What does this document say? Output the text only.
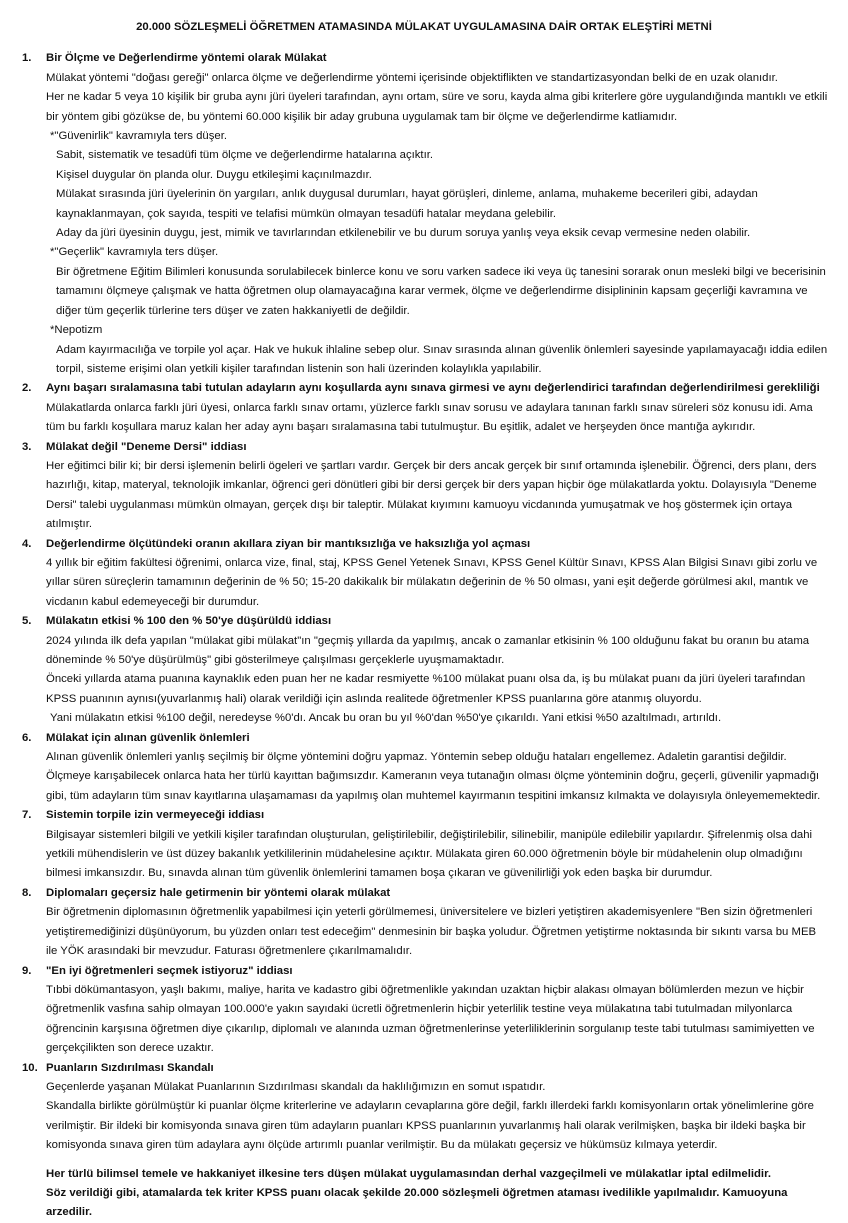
20.000 SÖZLEŞMELİ ÖĞRETMEN ATAMASINDA MÜLAKAT UYGULAMASINA DAİR ORTAK ELEŞTİRİ METNİ
1. Bir Ölçme ve Değerlendirme yöntemi olarak Mülakat

Mülakat yöntemi "doğası gereği" onlarca ölçme ve değerlendirme yöntemi içerisinde objektiflikten ve standartizasyondan belki de en uzak olanıdır.

Her ne kadar 5 veya 10 kişilik bir gruba aynı jüri üyeleri tarafından, aynı ortam, süre ve soru, kayda alma gibi kriterlere göre uygulandığında mantıklı ve etkili bir yöntem gibi gözükse de, bu yöntemi 60.000 kişilik bir aday grubuna uygulamak tam bir ölçme ve değerlendirme katliamıdır.

*"Güvenirlik" kavramıyla ters düşer.

Sabit, sistematik ve tesadüfi tüm ölçme ve değerlendirme hatalarına açıktır.

Kişisel duygular ön planda olur. Duygu etkileşimi kaçınılmazdır.

Mülakat sırasında jüri üyelerinin ön yargıları, anlık duygusal durumları, hayat görüşleri, dinleme, anlama, muhakeme becerileri gibi, adaydan kaynaklanmayan, çok sayıda, tespiti ve telafisi mümkün olmayan tesadüfi hatalar meydana gelebilir.

Aday da jüri üyesinin duygu, jest, mimik ve tavırlarından etkilenebilir ve bu durum soruya yanlış veya eksik cevap vermesine neden olabilir.

*"Geçerlik" kavramıyla ters düşer.

Bir öğretmene Eğitim Bilimleri konusunda sorulabilecek binlerce konu ve soru varken sadece iki veya üç tanesini sorarak onun mesleki bilgi ve becerisinin tamamını ölçmeye çalışmak ve hatta öğretmen olup olamayacağına karar vermek, ölçme ve değerlendirme disiplininin kapsam geçerliği kavramına ve diğer tüm geçerlik türlerine ters düşer ve zaten hakkaniyetli de değildir.

*Nepotizm

Adam kayırmacılığa ve torpile yol açar. Hak ve hukuk ihlaline sebep olur. Sınav sırasında alınan güvenlik önlemleri sayesinde yapılamayacağı iddia edilen torpil, sisteme erişimi olan yetkili kişiler tarafından listenin son hali üzerinden kolaylıkla yapılabilir.

2. Aynı başarı sıralamasına tabi tutulan adayların aynı koşullarda aynı sınava girmesi ve aynı değerlendirici tarafından değerlendirilmesi gerekliliği

Mülakatlarda onlarca farklı jüri üyesi, onlarca farklı sınav ortamı, yüzlerce farklı sınav sorusu ve adaylara tanınan farklı sınav süreleri söz konusu idi. Ama tüm bu farklı koşullara maruz kalan her aday aynı başarı sıralamasına tabi tutulmuştur. Bu eşitlik, adalet ve herşeyden önce mantığa aykırıdır.

3. Mülakat değil "Deneme Dersi" iddiası

Her eğitimci bilir ki; bir dersi işlemenin belirli ögeleri ve şartları vardır. Gerçek bir ders ancak gerçek bir sınıf ortamında işlenebilir. Öğrenci, ders planı, ders hazırlığı, kitap, materyal, teknolojik imkanlar, öğrenci geri dönütleri gibi bir dersi gerçek bir ders yapan hiçbir öge mülakatlarda yoktu. Dolayısıyla "Deneme Dersi" talebi uygulanması mümkün olmayan, gerçek dışı bir taleptir. Mülakat kıyımını kamuoyu vicdanında yumuşatmak ve hoş göstermek için ortaya atılmıştır.

4. Değerlendirme ölçütündeki oranın akıllara ziyan bir mantıksızlığa ve haksızlığa yol açması

4 yıllık bir eğitim fakültesi öğrenimi, onlarca vize, final, staj, KPSS Genel Yetenek Sınavı, KPSS Genel Kültür Sınavı, KPSS Alan Bilgisi Sınavı gibi zorlu ve yıllar süren süreçlerin tamamının değerinin de % 50; 15-20 dakikalık bir mülakatın değerinin de % 50 olması, yani eşit değerde görülmesi akıl, mantık ve vicdanın kabul edemeyeceği bir durumdur.

5. Mülakatın etkisi % 100 den % 50'ye düşürüldü iddiası

2024 yılında ilk defa yapılan "mülakat gibi mülakat"ın "geçmiş yıllarda da yapılmış, ancak o zamanlar etkisinin % 100 olduğunu fakat bu oranın bu atama döneminde % 50'ye düşürülmüş" gibi gösterilmeye çalışılması gerçeklerle uyuşmamaktadır.

Önceki yıllarda atama puanına kaynaklık eden puan her ne kadar resmiyette %100 mülakat puanı olsa da, iş bu mülakat puanı da jüri üyeleri tarafından KPSS puanının aynısı(yuvarlanmış hali) olarak verildiği için aslında realitede öğretmenler KPSS puanlarına göre atanmış oluyordu.

Yani mülakatın etkisi %100 değil, neredeyse %0'dı. Ancak bu oran bu yıl %0'dan %50'ye çıkarıldı. Yani etkisi %50 azaltılmadı, artırıldı.

6. Mülakat için alınan güvenlik önlemleri

Alınan güvenlik önlemleri yanlış seçilmiş bir ölçme yöntemini doğru yapmaz. Yöntemin sebep olduğu hataları engellemez. Adaletin garantisi değildir. Ölçmeye karışabilecek onlarca hata her türlü kayıttan bağımsızdır. Kameranın veya tutanağın olması ölçme yönteminin doğru, geçerli, güvenilir yapmadığı gibi, tüm adayların tüm sınav kayıtlarına ulaşamaması da yapılmış olan muhtemel kayırmanın tespitini imkansız kılmakta ve dolayısıyla önleyememektedir.

7. Sistemin torpile izin vermeyeceği iddiası

Bilgisayar sistemleri bilgili ve yetkili kişiler tarafından oluşturulan, geliştirilebilir, değiştirilebilir, silinebilir, manipüle edilebilir yapılardır. Şifrelenmiş olsa dahi yetkili mühendislerin ve üst düzey bakanlık yetkililerinin müdahelesine açıktır. Mülakata giren 60.000 öğretmenin böyle bir müdahelenin olup olmadığını bilmesi imkansızdır. Bu, sınavda alınan tüm güvenlik önlemlerini tamamen boşa çıkaran ve güvenilirliği yok eden başka bir durumdur.

8. Diplomaları geçersiz hale getirmenin bir yöntemi olarak mülakat

Bir öğretmenin diplomasının öğretmenlik yapabilmesi için yeterli görülmemesi, üniversitelere ve bizleri yetiştiren akademisyenlere "Ben sizin öğretmenleri yetiştiremediğinizi düşünüyorum, bu yüzden onları test edeceğim" denmesinin bir başka yoludur. Öğretmen yetiştirme noktasında bir sıkıntı varsa bu MEB ile YÖK arasındaki bir mevzudur. Faturası öğretmenlere çıkarılmamalıdır.

9. "En iyi öğretmenleri seçmek istiyoruz" iddiası

Tıbbi dökümantasyon, yaşlı bakımı, maliye, harita ve kadastro gibi öğretmenlikle yakından uzaktan hiçbir alakası olmayan bölümlerden mezun ve hiçbir öğretmenlik vasfına sahip olmayan 100.000'e yakın sayıdaki ücretli öğretmenlerin hiçbir yeterlilik testine veya mülakatına tabi tutulmadan milyonlarca öğrencinin karşısına öğretmen diye çıkarılıp, diplomalı ve alanında uzman öğretmenlerinse yeterliliklerinin sorgulanıp teste tabi tutulması samimiyetten ve gerçekçilikten son derece uzaktır.

10. Puanların Sızdırılması Skandalı

Geçenlerde yaşanan Mülakat Puanlarının Sızdırılması skandalı da haklılığımızın en somut ıspatıdır.

Skandalla birlikte görülmüştür ki puanlar ölçme kriterlerine ve adayların cevaplarına göre değil, farklı illerdeki farklı komisyonların ortak yönelimlerine göre verilmiştir. Bir ildeki bir komisyonda sınava giren tüm adayların puanları KPSS puanlarının yuvarlanmış hali olarak verilmişken, başka bir ildeki başka bir komisyonda sınava giren tüm adaylara aynı ölçüde artırımlı puanlar verilmiştir. Bu da mülakatı geçersiz ve hükümsüz kılmaya yeterdir.

Her türlü bilimsel temele ve hakkaniyet ilkesine ters düşen mülakat uygulamasından derhal vazgeçilmeli ve mülakatlar iptal edilmelidir.

Söz verildiği gibi, atamalarda tek kriter KPSS puanı olacak şekilde 20.000 sözleşmeli öğretmen ataması ivedilikle yapılmalıdır. Kamuoyuna arzedilir.
